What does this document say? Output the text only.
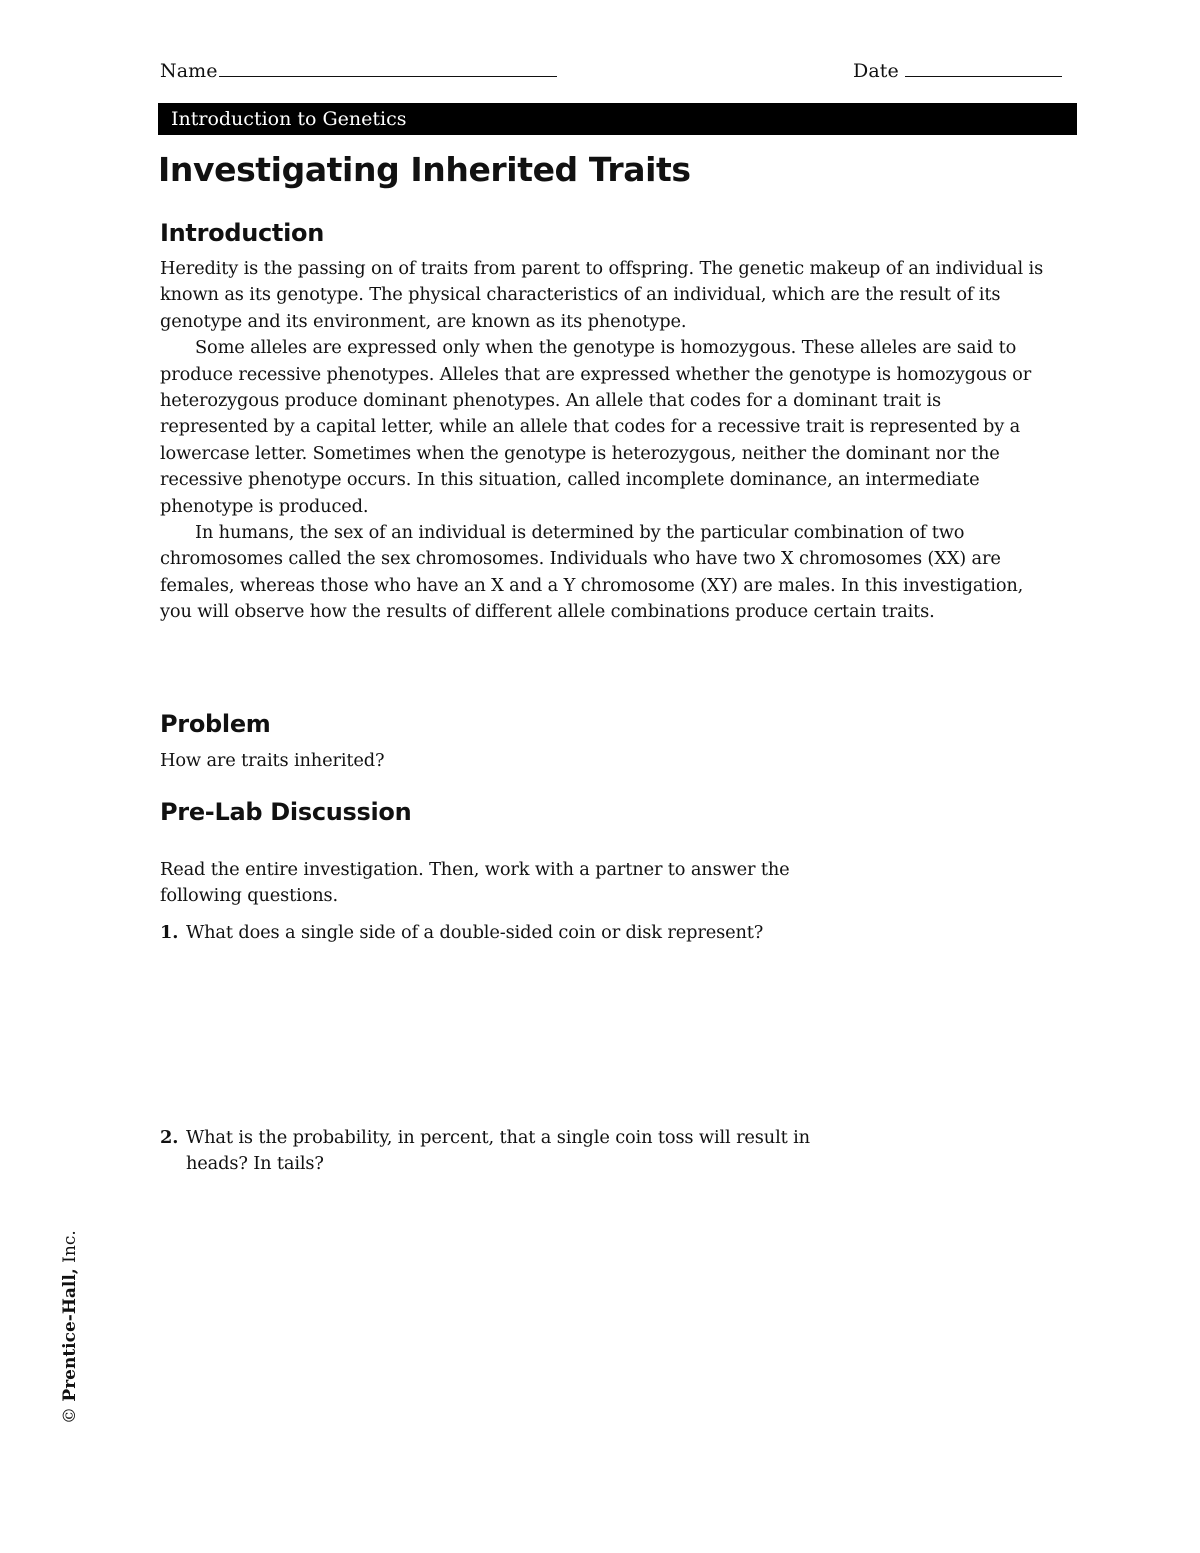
Name	Date
Introduction to Genetics
Investigating Inherited Traits
Introduction

Heredity is the passing on of traits from parent to offspring. The genetic makeup of an individual is known as its genotype. The physical characteristics of an individual, which are the result of its genotype and its environment, are known as its phenotype.

Some alleles are expressed only when the genotype is homozygous. These alleles are said to produce recessive phenotypes. Alleles that are expressed whether the genotype is homozygous or heterozygous produce dominant phenotypes. An allele that codes for a dominant trait is represented by a capital letter, while an allele that codes for a recessive trait is represented by a lowercase letter. Sometimes when the genotype is heterozygous, neither the dominant nor the recessive phenotype occurs. In this situation, called incomplete dominance, an intermediate phenotype is produced.

In humans, the sex of an individual is determined by the particular combination of two chromosomes called the sex chromosomes. Individuals who have two X chromosomes (XX) are females, whereas those who have an X and a Y chromosome (XY) are males. In this investigation, you will observe how the results of different allele combinations produce certain traits.

Problem

How are traits inherited?

Pre-Lab Discussion

Read the entire investigation. Then, work with a partner to answer the following questions.

1. What does a single side of a double-sided coin or disk represent?
2. What is the probability, in percent, that a single coin toss will result in heads? In tails?
© Prentice-Hall, Inc.
